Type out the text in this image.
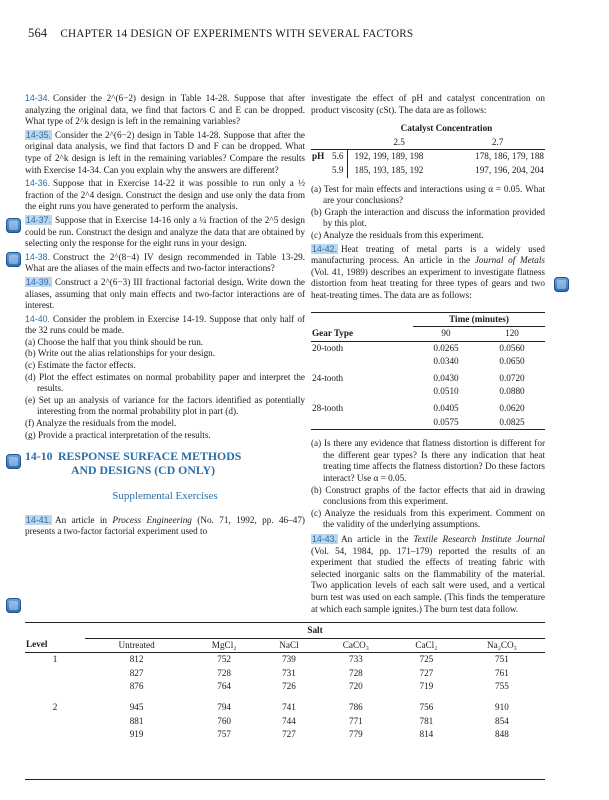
564 CHAPTER 14 DESIGN OF EXPERIMENTS WITH SEVERAL FACTORS

14-34. Consider the 2^(6−2) design in Table 14-28. Suppose that after analyzing the original data, we find that factors C and E can be dropped. What type of 2^k design is left in the remaining variables?

14-35. Consider the 2^(6−2) design in Table 14-28. Suppose that after the original data analysis, we find that factors D and F can be dropped. What type of 2^k design is left in the remaining variables? Compare the results with Exercise 14-34. Can you explain why the answers are different?

14-36. Suppose that in Exercise 14-22 it was possible to run only a ½ fraction of the 2^4 design. Construct the design and use only the data from the eight runs you have generated to perform the analysis.

14-37. Suppose that in Exercise 14-16 only a ¼ fraction of the 2^5 design could be run. Construct the design and analyze the data that are obtained by selecting only the response for the eight runs in your design.

14-38. Construct the 2^(8−4) IV design recommended in Table 13-29. What are the aliases of the main effects and two-factor interactions?

14-39. Construct a 2^(6−3) III fractional factorial design. Write down the aliases, assuming that only main effects and two-factor interactions are of interest.

14-40. Consider the problem in Exercise 14-19. Suppose that only half of the 32 runs could be made.

(a) Choose the half that you think should be run.

(b) Write out the alias relationships for your design.

(c) Estimate the factor effects.

(d) Plot the effect estimates on normal probability paper and interpret the results.

(e) Set up an analysis of variance for the factors identified as potentially interesting from the normal probability plot in part (d).

(f) Analyze the residuals from the model.

(g) Provide a practical interpretation of the results.

14-10 RESPONSE SURFACE METHODS
AND DESIGNS (CD ONLY)
Supplemental Exercises

14-41. An article in Process Engineering (No. 71, 1992, pp. 46–47) presents a two-factor factorial experiment used to

investigate the effect of pH and catalyst concentration on product viscosity (cSt). The data are as follows:

		Catalyst Concentration	
		2.5	2.7
pH	5.6	192, 199, 189, 198	178, 186, 179, 188
	5.9	185, 193, 185, 192	197, 196, 204, 204

(a) Test for main effects and interactions using α = 0.05. What are your conclusions?

(b) Graph the interaction and discuss the information provided by this plot.

(c) Analyze the residuals from this experiment.

14-42. Heat treating of metal parts is a widely used manufacturing process. An article in the Journal of Metals (Vol. 41, 1989) describes an experiment to investigate flatness distortion from heat treating for three types of gears and two heat-treating times. The data are as follows:

	Time (minutes)	
Gear Type	90	120
20-tooth	0.0265	0.0560
	0.0340	0.0650
24-tooth	0.0430	0.0720
	0.0510	0.0880
28-tooth	0.0405	0.0620
	0.0575	0.0825

(a) Is there any evidence that flatness distortion is different for the different gear types? Is there any indication that heat treating time affects the flatness distortion? Do these factors interact? Use α = 0.05.

(b) Construct graphs of the factor effects that aid in drawing conclusions from this experiment.

(c) Analyze the residuals from this experiment. Comment on the validity of the underlying assumptions.

14-43. An article in the Textile Research Institute Journal (Vol. 54, 1984, pp. 171–179) reported the results of an experiment that studied the effects of treating fabric with selected inorganic salts on the flammability of the material. Two application levels of each salt were used, and a vertical burn test was used on each sample. (This finds the temperature at which each sample ignites.) The burn test data follow.

	Salt					
Level	Untreated	MgCl₂	NaCl	CaCO₃	CaCl₂	Na₂CO₃
1	812	752	739	733	725	751
	827	728	731	728	727	761
	876	764	726	720	719	755
2	945	794	741	786	756	910
	881	760	744	771	781	854
	919	757	727	779	814	848
